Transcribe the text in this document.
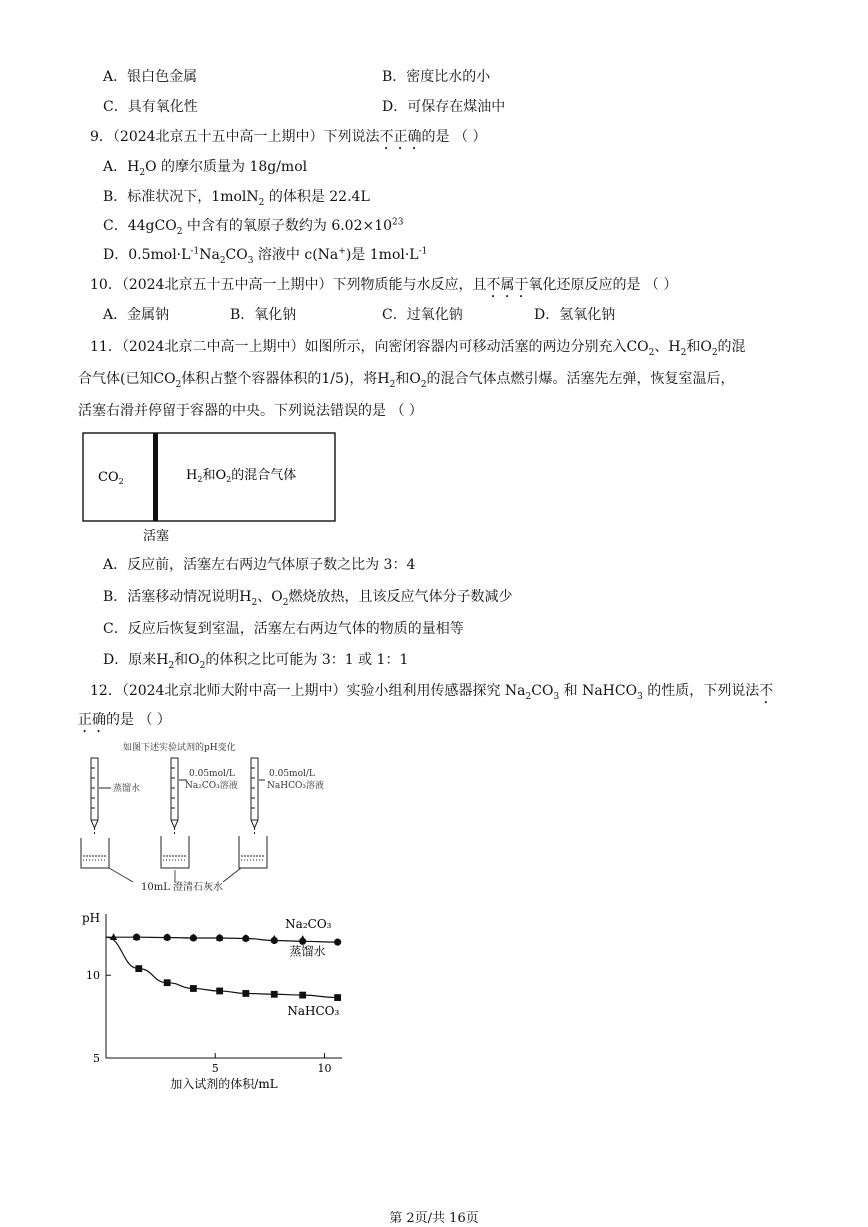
A．银白色金属	B．密度比水的小
C．具有氧化性	D．可保存在煤油中
9．（2024北京五十五中高一上期中）下列说法不正确的是 （ ）
A．$H_2O$ 的摩尔质量为 18g/mol
B．标准状况下，1molN$_2$ 的体积是 22.4L
C．44gCO$_2$ 中含有的氧原子数约为 $6.02\times 10^{23}$
D．$0.5mol\cdot L^{-1}Na_2CO_3$ 溶液中 c(Na+)是 $1mol\cdot L^{-1}$
10．（2024北京五十五中高一上期中）下列物质能与水反应，且不属于氧化还原反应的是 （ ）
A．金属钠	B．氧化钠	C．过氧化钠	D．氢氧化钠
11．（2024北京二中高一上期中）如图所示，向密闭容器内可移动活塞的两边分别充入$CO_2$、$H_2$和$O_2$的混
合气体(已知$CO_2$体积占整个容器体积的1/5)，将$H_2$和$O_2$的混合气体点燃引爆。活塞先左弹，恢复室温后，
活塞右滑并停留于容器的中央。下列说法错误的是 （ ）
$CO_2$	$H_2$和$O_2$的混合气体
活塞
A．反应前，活塞左右两边气体原子数之比为 3：4
B．活塞移动情况说明$H_2$、$O_2$燃烧放热，且该反应气体分子数减少
C．反应后恢复到室温，活塞左右两边气体的物质的量相等
D．原来$H_2$和$O_2$的体积之比可能为 3：1 或 1：1
12．（2024北京北师大附中高一上期中）实验小组利用传感器探究 $Na_2CO_3$ 和 NaHCO$_3$ 的性质，下列说法不
正确的是 （ ）
如图下述实验试剂的pH变化
蒸馏水
0.05mol/L
Na₂CO₃溶液
0.05mol/L
NaHCO₃溶液
10mL 澄清石灰水
5
10
5	10
pH
加入试剂的体积/mL
Na₂CO₃
蒸馏水
NaHCO₃
第 2页/共 16页
